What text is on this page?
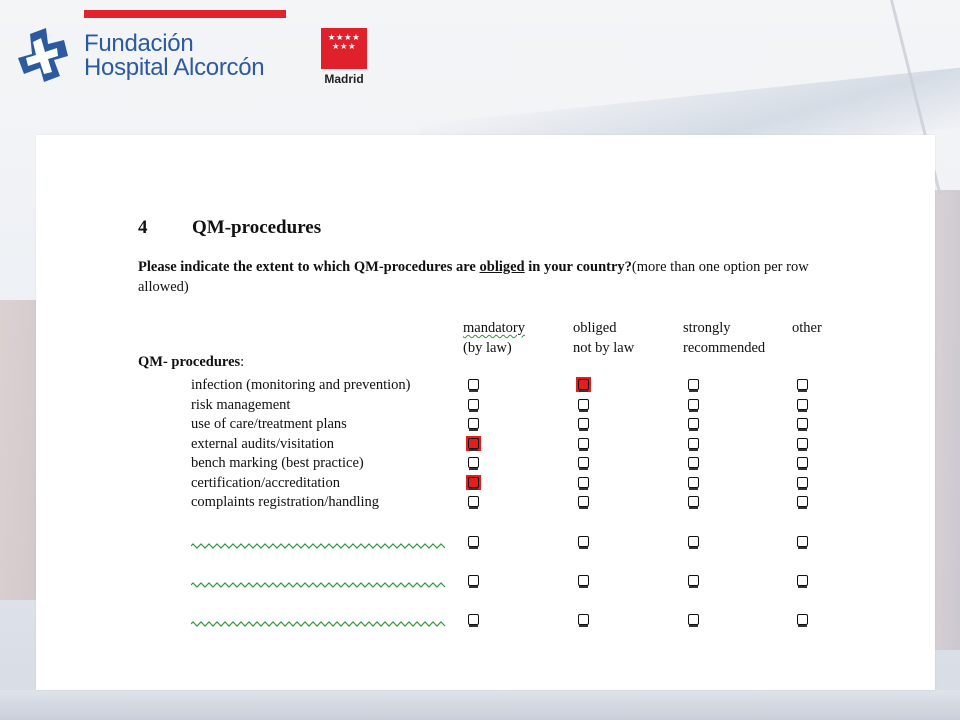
Fundación
Hospital Alcorcón
★★★★
★★★
Madrid
4 QM-procedures
Please indicate the extent to which QM-procedures are obliged in your country?(more than one option per row allowed)
mandatory
(by law)
obliged
not by law
strongly
recommended
other
QM- procedures:
infection (monitoring and prevention)
risk management
use of care/treatment plans
external audits/visitation
bench marking (best practice)
certification/accreditation
complaints registration/handling
